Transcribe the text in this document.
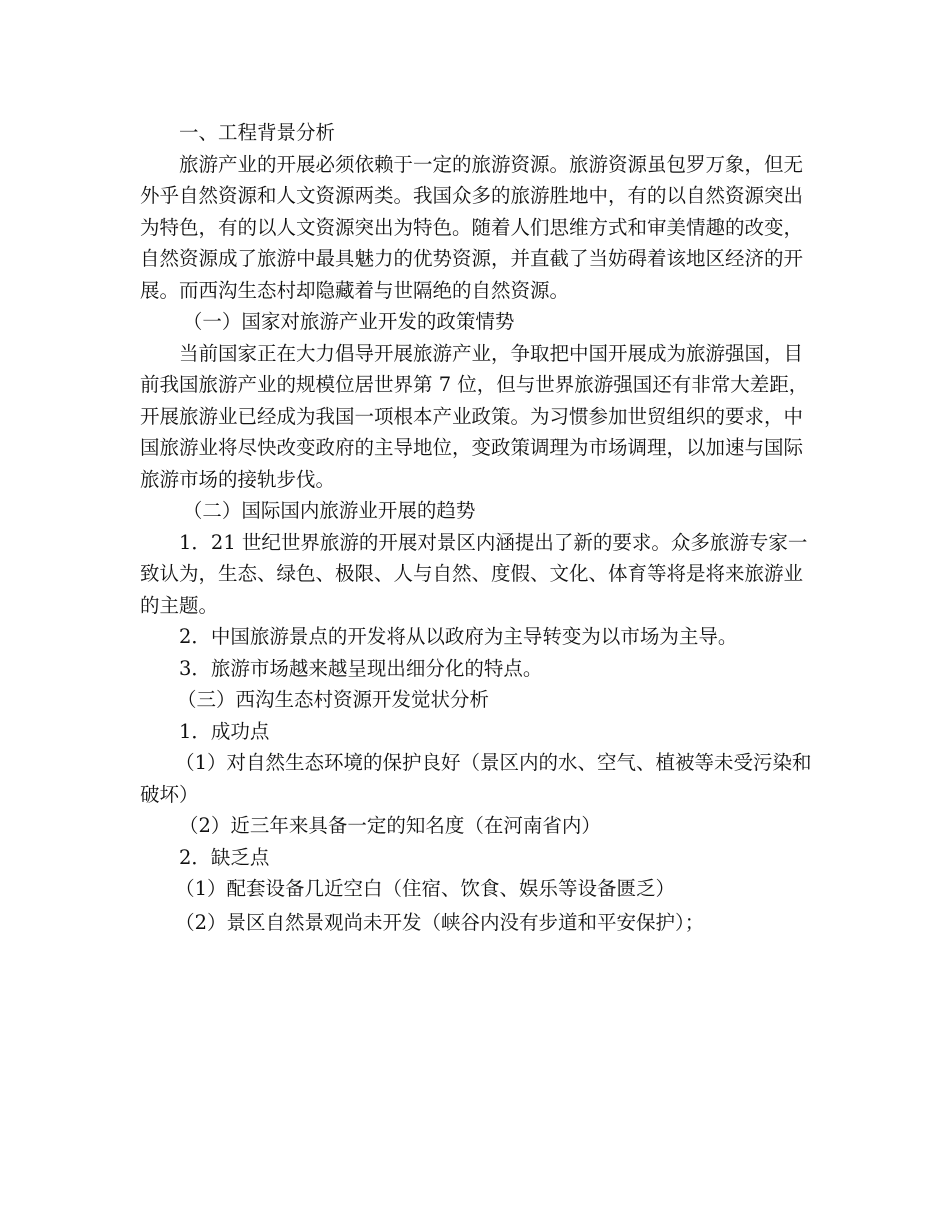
一、工程背景分析

旅游产业的开展必须依赖于一定的旅游资源。旅游资源虽包罗万象，但无外乎自然资源和人文资源两类。我国众多的旅游胜地中，有的以自然资源突出为特色，有的以人文资源突出为特色。随着人们思维方式和审美情趣的改变，自然资源成了旅游中最具魅力的优势资源，并直截了当妨碍着该地区经济的开展。而西沟生态村却隐藏着与世隔绝的自然资源。

（一）国家对旅游产业开发的政策情势

当前国家正在大力倡导开展旅游产业，争取把中国开展成为旅游强国，目前我国旅游产业的规模位居世界第 7 位，但与世界旅游强国还有非常大差距，开展旅游业已经成为我国一项根本产业政策。为习惯参加世贸组织的要求，中国旅游业将尽快改变政府的主导地位，变政策调理为市场调理，以加速与国际旅游市场的接轨步伐。

（二）国际国内旅游业开展的趋势

1．21 世纪世界旅游的开展对景区内涵提出了新的要求。众多旅游专家一致认为，生态、绿色、极限、人与自然、度假、文化、体育等将是将来旅游业的主题。

2．中国旅游景点的开发将从以政府为主导转变为以市场为主导。

3．旅游市场越来越呈现出细分化的特点。

（三）西沟生态村资源开发觉状分析

1．成功点

（1）对自然生态环境的保护良好（景区内的水、空气、植被等未受污染和破坏）

（2）近三年来具备一定的知名度（在河南省内）

2．缺乏点

（1）配套设备几近空白（住宿、饮食、娱乐等设备匮乏）

（2）景区自然景观尚未开发（峡谷内没有步道和平安保护）；
